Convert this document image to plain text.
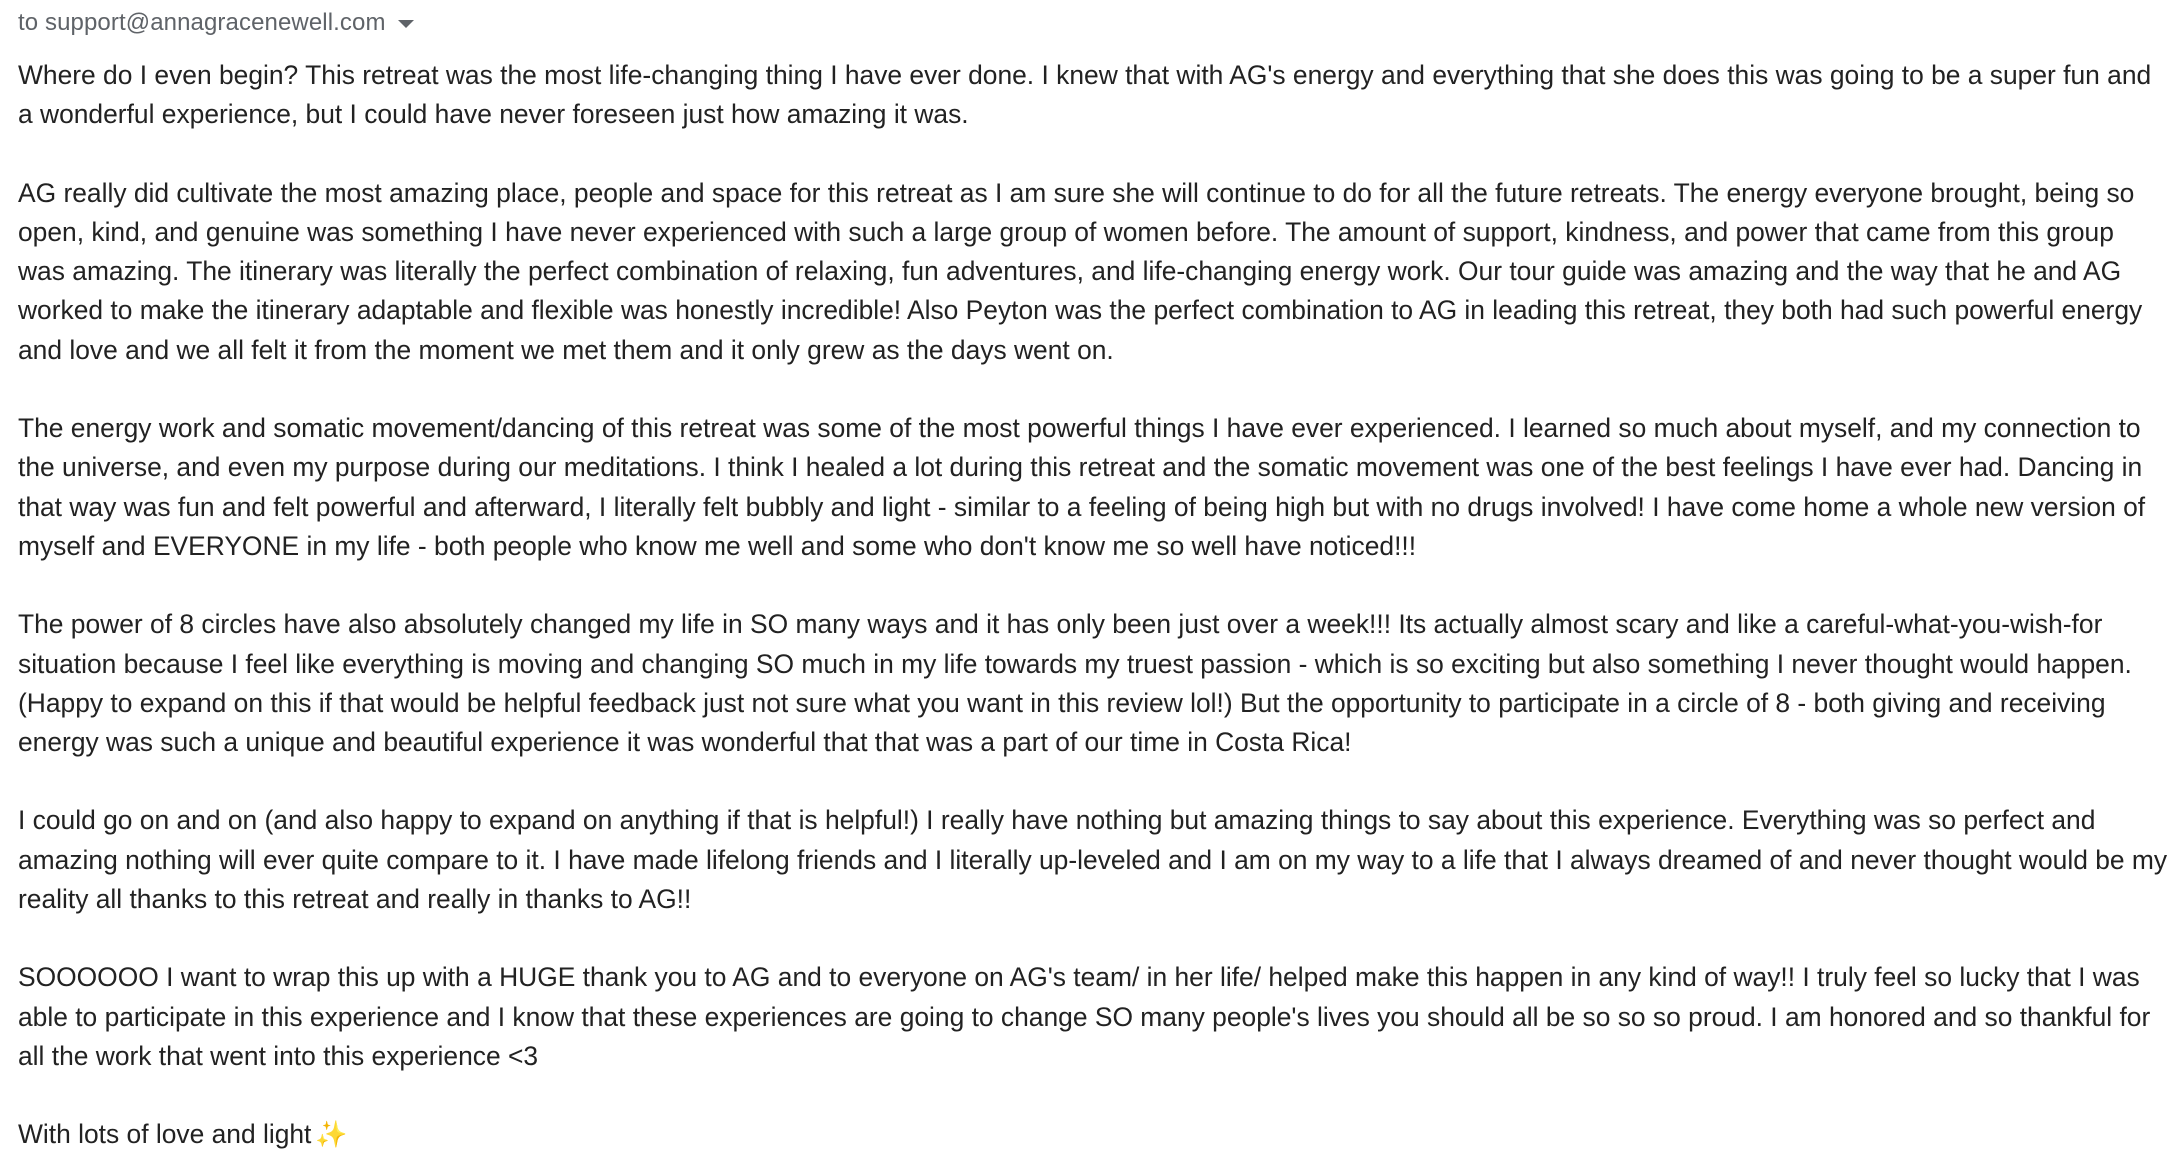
to support@annagracenewell.com

Where do I even begin? This retreat was the most life-changing thing I have ever done. I knew that with AG's energy and everything that she does this was going to be a super fun and a wonderful experience, but I could have never foreseen just how amazing it was.

AG really did cultivate the most amazing place, people and space for this retreat as I am sure she will continue to do for all the future retreats. The energy everyone brought, being so open, kind, and genuine was something I have never experienced with such a large group of women before. The amount of support, kindness, and power that came from this group was amazing. The itinerary was literally the perfect combination of relaxing, fun adventures, and life-changing energy work. Our tour guide was amazing and the way that he and AG worked to make the itinerary adaptable and flexible was honestly incredible! Also Peyton was the perfect combination to AG in leading this retreat, they both had such powerful energy and love and we all felt it from the moment we met them and it only grew as the days went on.

The energy work and somatic movement/dancing of this retreat was some of the most powerful things I have ever experienced. I learned so much about myself, and my connection to the universe, and even my purpose during our meditations. I think I healed a lot during this retreat and the somatic movement was one of the best feelings I have ever had. Dancing in that way was fun and felt powerful and afterward, I literally felt bubbly and light - similar to a feeling of being high but with no drugs involved! I have come home a whole new version of myself and EVERYONE in my life - both people who know me well and some who don't know me so well have noticed!!!

The power of 8 circles have also absolutely changed my life in SO many ways and it has only been just over a week!!! Its actually almost scary and like a careful-what-you-wish-for situation because I feel like everything is moving and changing SO much in my life towards my truest passion - which is so exciting but also something I never thought would happen. (Happy to expand on this if that would be helpful feedback just not sure what you want in this review lol!) But the opportunity to participate in a circle of 8 - both giving and receiving energy was such a unique and beautiful experience it was wonderful that that was a part of our time in Costa Rica!

I could go on and on (and also happy to expand on anything if that is helpful!) I really have nothing but amazing things to say about this experience. Everything was so perfect and amazing nothing will ever quite compare to it. I have made lifelong friends and I literally up-leveled and I am on my way to a life that I always dreamed of and never thought would be my reality all thanks to this retreat and really in thanks to AG!!

SOOOOOO I want to wrap this up with a HUGE thank you to AG and to everyone on AG's team/ in her life/ helped make this happen in any kind of way!! I truly feel so lucky that I was able to participate in this experience and I know that these experiences are going to change SO many people's lives you should all be so so so proud. I am honored and so thankful for all the work that went into this experience <3

With lots of love and light ✨
